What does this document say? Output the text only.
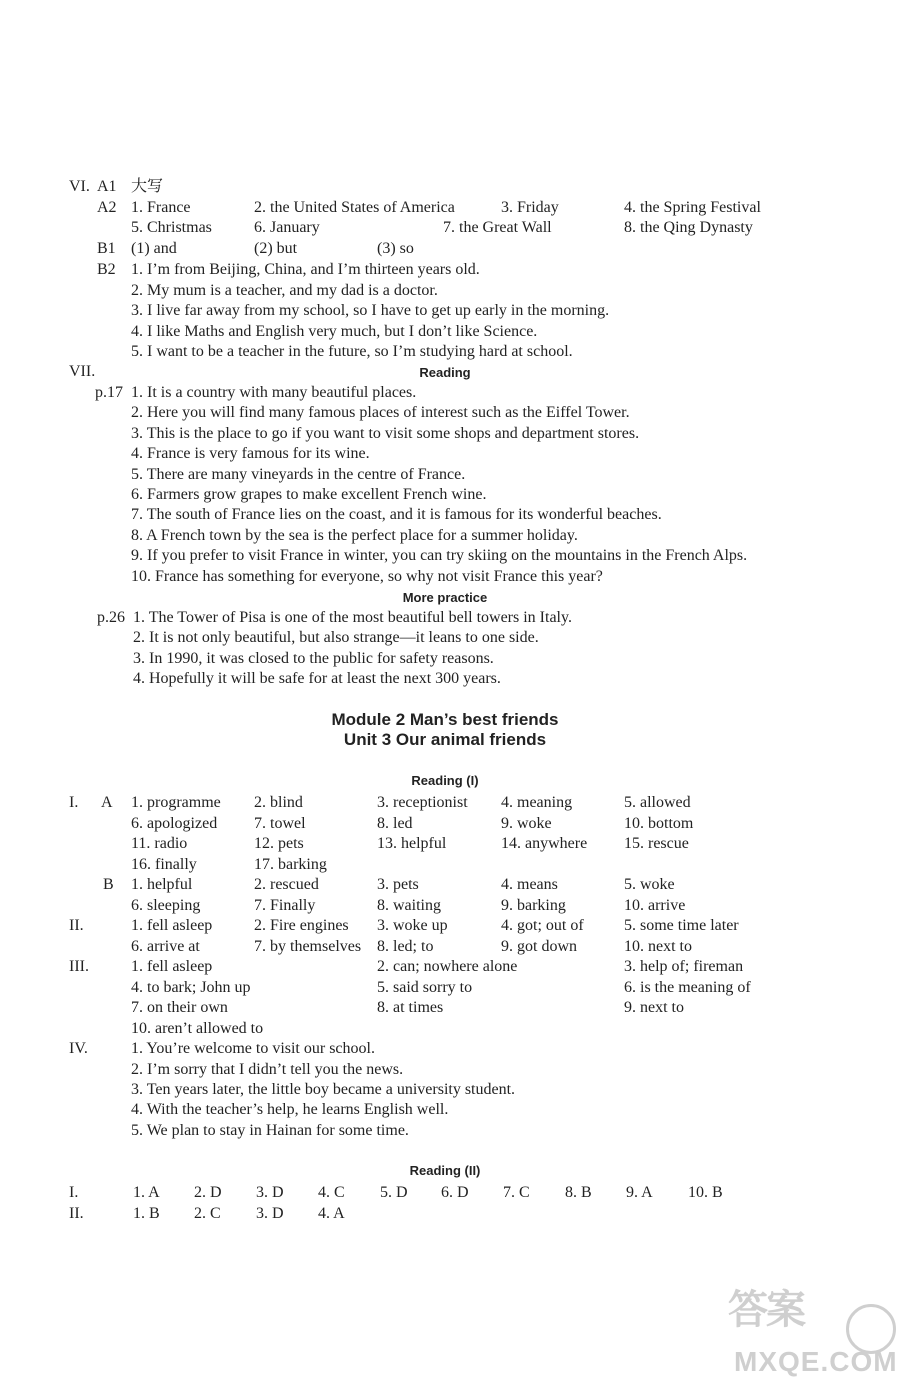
VI. A1 大写
A2 1. France	2. the United States of America	3. Friday	4. the Spring Festival
5. Christmas	6. January	7. the Great Wall	8. the Qing Dynasty
B1 (1) and	(2) but	(3) so
B2 1. I’m from Beijing, China, and I’m thirteen years old.
2. My mum is a teacher, and my dad is a doctor.
3. I live far away from my school, so I have to get up early in the morning.
4. I like Maths and English very much, but I don’t like Science.
5. I want to be a teacher in the future, so I’m studying hard at school.
VII.	Reading
p.17 1. It is a country with many beautiful places.
2. Here you will find many famous places of interest such as the Eiffel Tower.
3. This is the place to go if you want to visit some shops and department stores.
4. France is very famous for its wine.
5. There are many vineyards in the centre of France.
6. Farmers grow grapes to make excellent French wine.
7. The south of France lies on the coast, and it is famous for its wonderful beaches.
8. A French town by the sea is the perfect place for a summer holiday.
9. If you prefer to visit France in winter, you can try skiing on the mountains in the French Alps.
10. France has something for everyone, so why not visit France this year?
More practice
p.26 1. The Tower of Pisa is one of the most beautiful bell towers in Italy.
2. It is not only beautiful, but also strange—it leans to one side.
3. In 1990, it was closed to the public for safety reasons.
4. Hopefully it will be safe for at least the next 300 years.
Module 2 Man’s best friends
Unit 3 Our animal friends
Reading (I)
I. A 1. programme 2. blind	3. receptionist 4. meaning	5. allowed
6. apologized 7. towel	8. led	9. woke	10. bottom
11. radio	12. pets	13. helpful	14. anywhere 15. rescue
16. finally	17. barking
B 1. helpful	2. rescued	3. pets	4. means	5. woke
6. sleeping	7. Finally	8. waiting	9. barking	10. arrive
II.	1. fell asleep	2. Fire engines 3. woke up	4. got; out of	5. some time later
6. arrive at	7. by themselves 8. led; to	9. got down	10. next to
III.	1. fell asleep	2. can; nowhere alone	3. help of; fireman
4. to bark; John up	5. said sorry to	6. is the meaning of
7. on their own	8. at times	9. next to
10. aren’t allowed to
IV.	1. You’re welcome to visit our school.
2. I’m sorry that I didn’t tell you the news.
3. Ten years later, the little boy became a university student.
4. With the teacher’s help, he learns English well.
5. We plan to stay in Hainan for some time.
Reading (II)
I.	1. A 2. D 3. D 4. C 5. D 6. D 7. C 8. B 9. A 10. B
II.	1. B 2. C 3. D 4. A
答案
MXQE.COM
